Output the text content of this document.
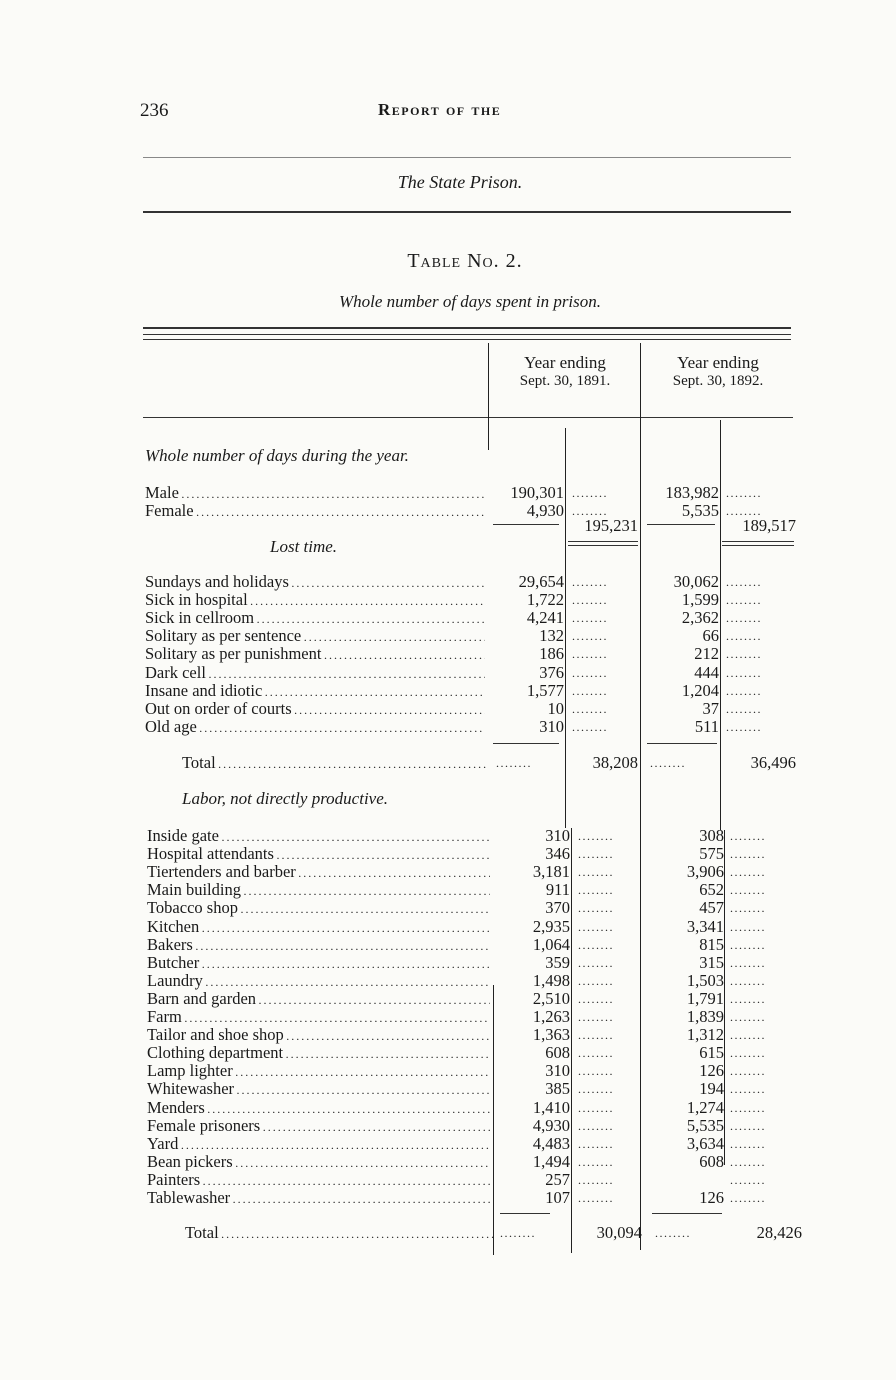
236	Report of the
The State Prison.
Table No. 2.
Whole number of days spent in prison.
Year ending
Sept. 30, 1891.
Year ending
Sept. 30, 1892.
Whole number of days during the year.
Male . . .	190,301 ........	183,982 ........
Female . . .	4,930 ........	5,535 ........
195,231	189,517
Lost time.
Sundays and holidays . . .	29,654 ........	30,062 ........
Sick in hospital . . .	1,722 ........	1,599 ........
Sick in cellroom . . .	4,241 ........	2,362 ........
Solitary as per sentence . . .	132 ........	66 ........
Solitary as per punishment . . .	186 ........	212 ........
Dark cell . . .	376 ........	444 ........
Insane and idiotic . . .	1,577 ........	1,204 ........
Out on order of courts . . .	10 ........	37 ........
Old age . . .	310 ........	511 ........
Total . . .	........	38,208 ........	36,496
Labor, not directly productive.
Inside gate . . .	310 ........	308 ........
Hospital attendants . . .	346 ........	575 ........
Tiertenders and barber . . .	3,181 ........	3,906 ........
Main building . . .	911 ........	652 ........
Tobacco shop . . .	370 ........	457 ........
Kitchen . . .	2,935 ........	3,341 ........
Bakers . . .	1,064 ........	815 ........
Butcher . . .	359 ........	315 ........
Laundry . . .	1,498 ........	1,503 ........
Barn and garden . . .	2,510 ........	1,791 ........
Farm . . .	1,263 ........	1,839 ........
Tailor and shoe shop . . .	1,363 ........	1,312 ........
Clothing department . . .	608 ........	615 ........
Lamp lighter . . .	310 ........	126 ........
Whitewasher . . .	385 ........	194 ........
Menders . . .	1,410 ........	1,274 ........
Female prisoners . . .	4,930 ........	5,535 ........
Yard . . .	4,483 ........	3,634 ........
Bean pickers . . .	1,494 ........	608 ........
Painters . . .	257 ........	........
Tablewasher . . .	107 ........	126 ........
Total . . .	........	30,094 ........	28,426
